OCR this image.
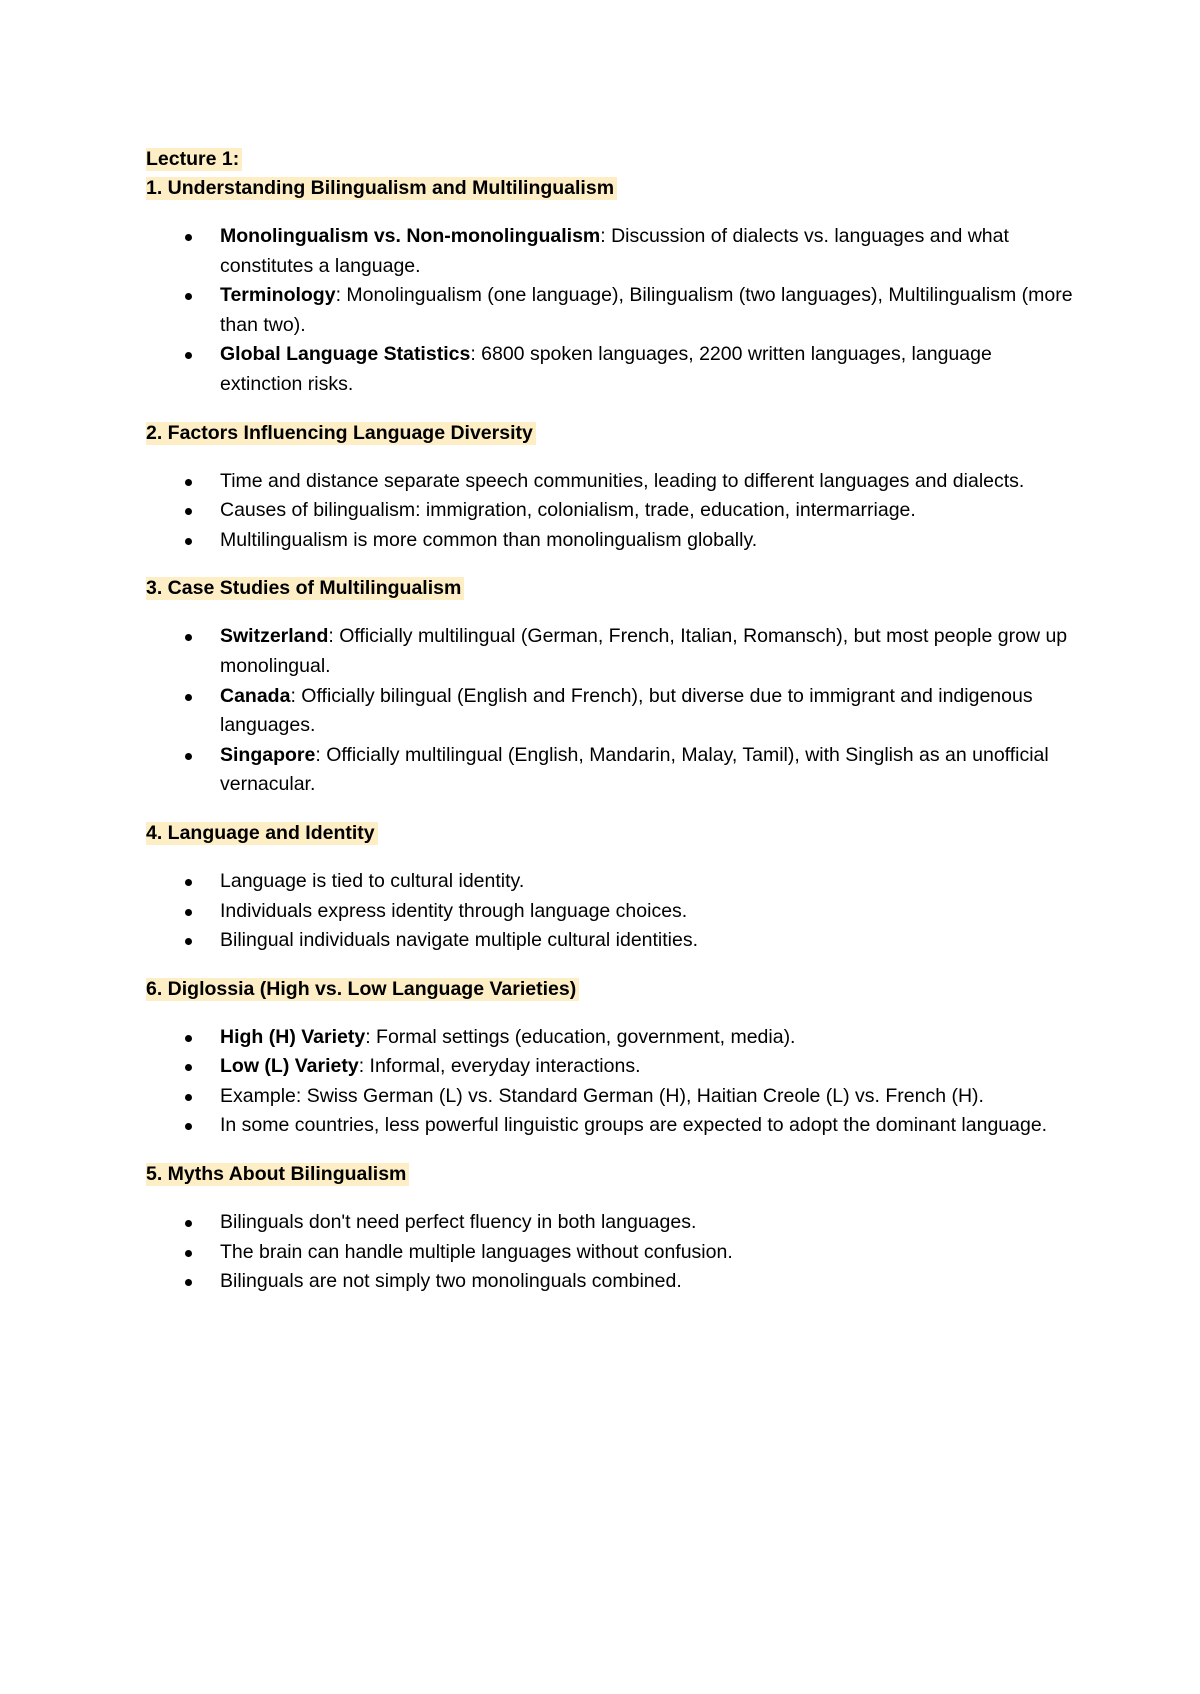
Lecture 1:

1. Understanding Bilingualism and Multilingualism

Monolingualism vs. Non-monolingualism: Discussion of dialects vs. languages and what constitutes a language.
Terminology: Monolingualism (one language), Bilingualism (two languages), Multilingualism (more than two).
Global Language Statistics: 6800 spoken languages, 2200 written languages, language extinction risks.

2. Factors Influencing Language Diversity

Time and distance separate speech communities, leading to different languages and dialects.
Causes of bilingualism: immigration, colonialism, trade, education, intermarriage.
Multilingualism is more common than monolingualism globally.

3. Case Studies of Multilingualism

Switzerland: Officially multilingual (German, French, Italian, Romansch), but most people grow up monolingual.
Canada: Officially bilingual (English and French), but diverse due to immigrant and indigenous languages.
Singapore: Officially multilingual (English, Mandarin, Malay, Tamil), with Singlish as an unofficial vernacular.

4. Language and Identity

Language is tied to cultural identity.
Individuals express identity through language choices.
Bilingual individuals navigate multiple cultural identities.

6. Diglossia (High vs. Low Language Varieties)

High (H) Variety: Formal settings (education, government, media).
Low (L) Variety: Informal, everyday interactions.
Example: Swiss German (L) vs. Standard German (H), Haitian Creole (L) vs. French (H).
In some countries, less powerful linguistic groups are expected to adopt the dominant language.

5. Myths About Bilingualism

Bilinguals don't need perfect fluency in both languages.
The brain can handle multiple languages without confusion.
Bilinguals are not simply two monolinguals combined.
